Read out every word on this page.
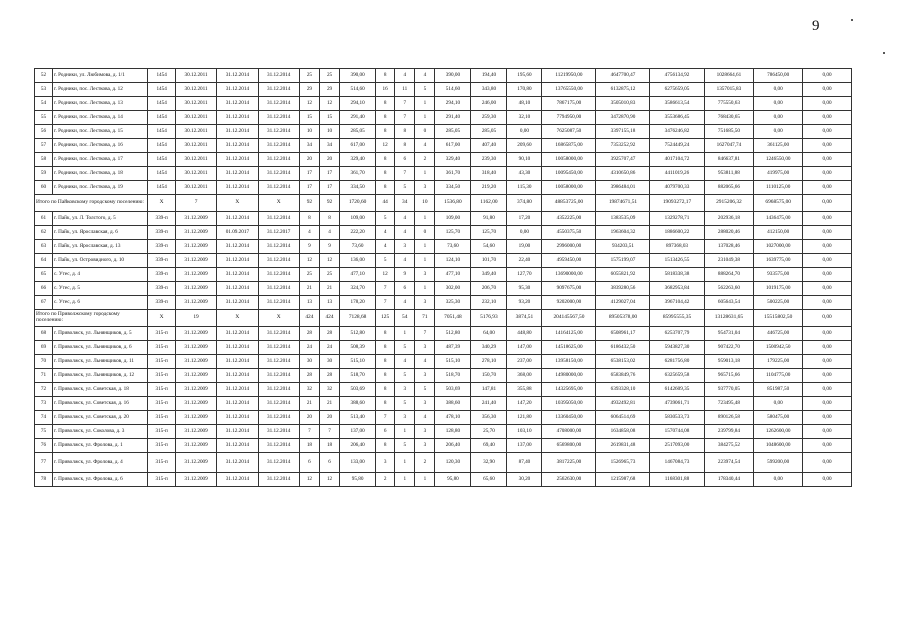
9
52	г. Родники, ул. Любимова, д. 1/1	1454	30.12.2011	31.12.2014	31.12.2014	25	25	390,00	8	4	4	390,00	194,40	195,60	11219950,00	4647700,47	4756134,92	1028664,61	786450,00	0,00
53	г. Родники, пос. Лесткова, д. 12	1454	30.12.2011	31.12.2014	31.12.2014	29	29	514,60	16	11	5	514,60	343,80	170,80	13765550,00	6132875,12	6275659,05	1357015,83	0,00	0,00
54	г. Родники, пос. Лесткова, д. 13	1454	30.12.2011	31.12.2014	31.12.2014	12	12	294,10	8	7	1	294,10	246,00	48,10	7867175,00	3505010,83	3586613,54	775550,63	0,00	0,00
55	г. Родники, пос. Лесткова, д. 14	1454	30.12.2011	31.12.2014	31.12.2014	15	15	291,40	8	7	1	291,40	259,30	32,10	7794950,00	3472870,90	3553686,45	768430,65	0,00	0,00
56	г. Родники, пос. Лесткова, д. 15	1454	30.12.2011	31.12.2014	31.12.2014	10	10	285,05	8	8	0	285,05	285,05	0,00	7625087,50	3397155,18	3476246,82	751685,50	0,00	0,00
57	г. Родники, пос. Лесткова, д. 16	1454	30.12.2011	31.12.2014	31.12.2014	34	34	617,00	12	8	4	617,00	407,40	209,60	16865875,00	7353252,92	7524449,24	1627047,74	361125,00	0,00
58	г. Родники, пос. Лесткова, д. 17	1454	30.12.2011	31.12.2014	31.12.2014	20	20	329,40	8	6	2	329,40	239,30	90,10	10058000,00	3925707,47	4017104,72	846637,81	1246550,00	0,00
59	г. Родники, пос. Лесткова, д. 18	1454	30.12.2011	31.12.2014	31.12.2014	17	17	361,70	8	7	1	361,70	318,40	43,30	10095450,00	4310650,86	4411019,26	953811,88	419975,00	0,00
60	г. Родники, пос. Лесткова, д. 19	1454	30.12.2011	31.12.2014	31.12.2014	17	17	334,50	8	5	3	334,50	219,20	115,30	10058000,00	3986484,01	4079700,33	882065,66	1110125,00	0,00
Итого по Пайковскому городскому поселению:		X	7	X	X	92	92	1720,60	44	34	10	1536,80	1162,00	374,80	48853725,00	19874671,51	19093272,17	2915206,32	6968575,00	0,00
61	г. Пайк, ул. Л. Толстого, д. 5	339-п	31.12.2009	31.12.2014	31.12.2014	8	8	109,00	5	4	1	109,00	91,80	17,20	4352225,00	1383535,09	1329278,71	202936,18	1436475,00	0,00
62	г. Пайк, ул. Ярославская, д. 6	339-п	31.12.2009	01.09.2017	31.12.2017	4	4	222,20	4	4	0	125,70	125,70	0,00	4550375,50	1963604,32	1886600,22	288020,46	412150,00	0,00
63	г. Пайк, ул. Ярославская, д. 13	339-п	31.12.2009	31.12.2014	31.12.2014	9	9	73,60	4	3	1	73,60	54,60	19,00	2996000,00	934203,51	897368,03	137028,46	1027000,00	0,00
64	г. Пайк, ул. Островидного, д. 10	339-п	31.12.2009	31.12.2014	31.12.2014	12	12	136,00	5	4	1	124,10	101,70	22,40	4959450,00	1575199,07	1513426,55	231049,38	1639775,00	0,00
65	с. Утес, д. 4	339-п	31.12.2009	31.12.2014	31.12.2014	25	25	477,10	12	9	3	477,10	349,40	127,70	13690000,00	6055821,92	5818338,38	888264,70	933575,00	0,00
66	с. Утес, д. 5	339-п	31.12.2009	31.12.2014	31.12.2014	21	21	324,70	7	6	1	302,00	206,70	95,30	9097675,00	3839280,56	3682953,84	562263,60	1019175,00	0,00
67	с. Утес, д. 6	339-п	31.12.2009	31.12.2014	31.12.2014	13	13	178,20	7	4	3	325,30	232,10	93,20	9202000,00	4129027,04	3967104,42	605643,54	500225,00	0,00
Итого по Приволжскому городскому поселению:		X	19	X	X	424	424	7128,68	125	54	71	7051,48	5176,93	3874,51	204145567,50	89505378,00	85995555,35	13128631,65	15515802,50	0,00
68	г. Приволжск, ул. Льнянщиков, д. 5	315-п	31.12.2009	31.12.2014	31.12.2014	28	28	512,80	8	1	7	512,80	64,00	448,80	14164125,00	6508961,17	6253707,79	954731,04	446725,00	0,00
69	г. Приволжск, ул. Льнянщиков, д. 6	315-п	31.12.2009	31.12.2014	31.12.2014	24	24	508,39	8	5	3	487,39	340,29	147,00	14518625,00	6186432,50	5943827,30	907422,70	1500942,50	0,00
70	г. Приволжск, ул. Льнянщиков, д. 11	315-п	31.12.2009	31.12.2014	31.12.2014	30	30	515,10	8	4	4	515,10	278,10	237,00	13958150,00	6538153,02	6281756,80	959013,18	179225,00	0,00
71	г. Приволжск, ул. Льнянщиков, д. 12	315-п	31.12.2009	31.12.2014	31.12.2014	28	28	518,70	8	5	3	518,70	150,70	368,00	14980000,00	6583849,76	6325659,58	965715,66	1104775,00	0,00
72	г. Приволжск, ул. Советская, д. 18	315-п	31.12.2009	31.12.2014	31.12.2014	32	32	503,69	8	3	5	503,69	147,81	355,88	14325695,00	6393328,10	6142609,35	937770,05	851987,50	0,00
73	г. Приволжск, ул. Советская, д. 16	315-п	31.12.2009	31.12.2014	31.12.2014	21	21	388,60	8	5	3	388,60	241,40	147,20	10395050,00	4932492,81	4739061,71	723495,48	0,00	0,00
74	г. Приволжск, ул. Советская, д. 20	315-п	31.12.2009	31.12.2014	31.12.2014	20	20	513,40	7	3	4	478,10	356,30	121,80	13360450,00	6064514,69	5830533,73	890126,58	580475,00	0,00
75	г. Приволжск, ул. Соколова, д. 3	315-п	31.12.2009	31.12.2014	31.12.2014	7	7	137,00	6	1	3	128,80	25,70	103,10	4708000,00	1634858,08	1570744,08	239799,84	1262600,00	0,00
76	г. Приволжск, ул. Фролова, д. 1	315-п	31.12.2009	31.12.2014	31.12.2014	18	18	206,40	8	5	3	206,40	69,40	137,00	6569800,00	2619831,48	2517093,00	384275,52	1048600,00	0,00
77	г. Приволжск, ул. Фролова, д. 4	315-п	31.12.2009	31.12.2014	31.12.2014	6	6	133,00	3	1	2	120,30	32,90	87,40	3817225,00	1526965,73	1467084,73	223974,54	599200,00	0,00
78	г. Приволжск, ул. Фролова, д. 6	315-п	31.12.2009	31.12.2014	31.12.2014	12	12	95,80	2	1	1	95,80	65,60	30,20	2562630,00	1215987,68	1168301,88	178340,44	0,00	0,00
